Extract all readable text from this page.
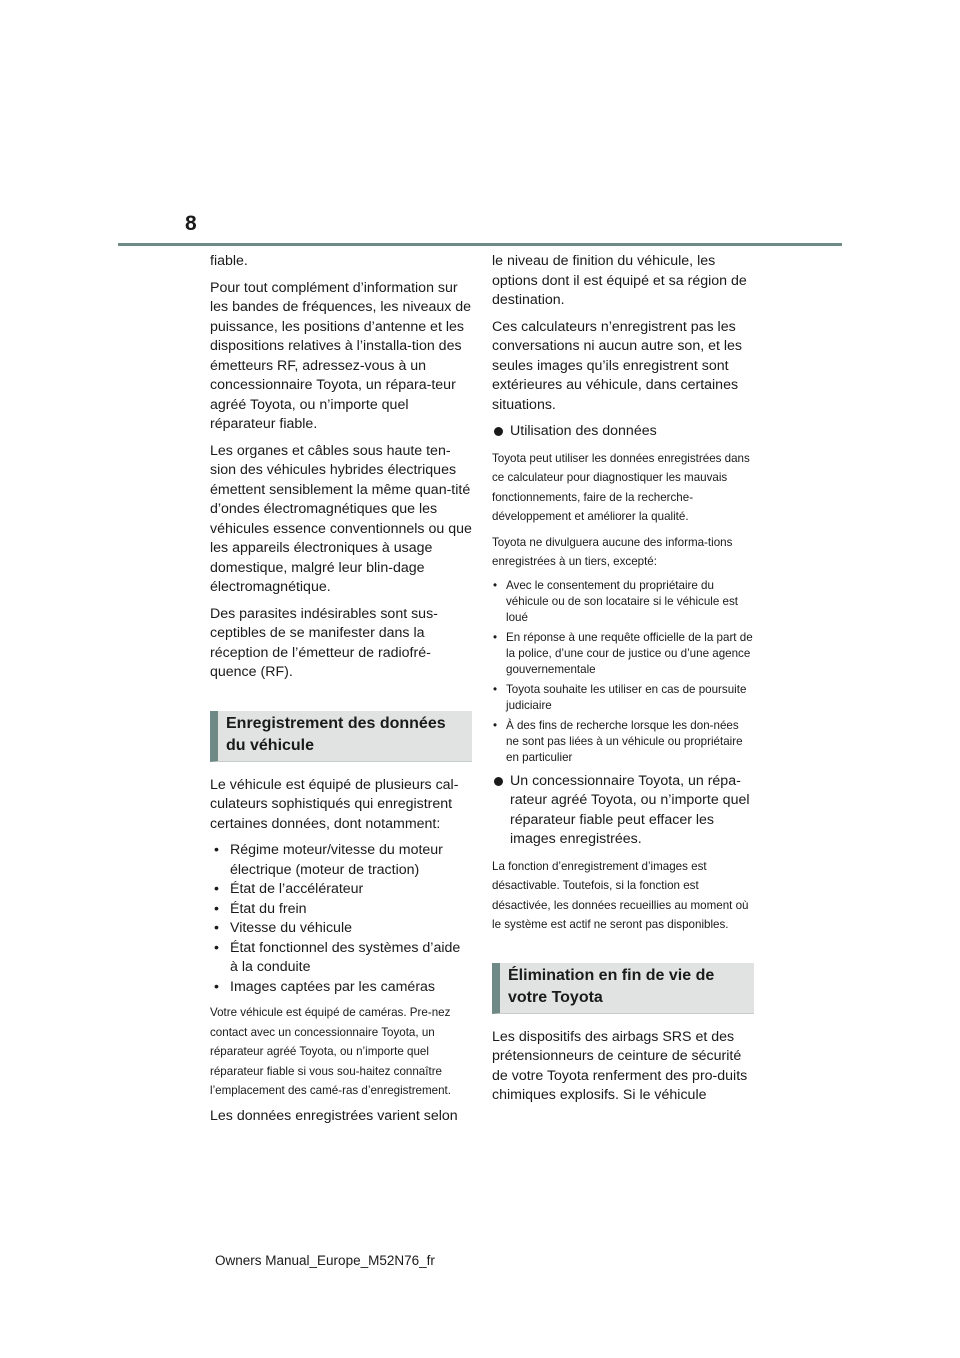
8

fiable.

Pour tout complément d’information sur les bandes de fréquences, les niveaux de puissance, les positions d’antenne et les dispositions relatives à l’installa-tion des émetteurs RF, adressez-vous à un concessionnaire Toyota, un répara-teur agréé Toyota, ou n’importe quel réparateur fiable.

Les organes et câbles sous haute ten-sion des véhicules hybrides électriques émettent sensiblement la même quan-tité d’ondes électromagnétiques que les véhicules essence conventionnels ou que les appareils électroniques à usage domestique, malgré leur blin-dage électromagnétique.

Des parasites indésirables sont sus-ceptibles de se manifester dans la réception de l’émetteur de radiofré-quence (RF).

Enregistrement des données du véhicule

Le véhicule est équipé de plusieurs cal-culateurs sophistiqués qui enregistrent certaines données, dont notamment:

• Régime moteur/vitesse du moteur électrique (moteur de traction)
• État de l’accélérateur
• État du frein
• Vitesse du véhicule
• État fonctionnel des systèmes d’aide à la conduite
• Images captées par les caméras

Votre véhicule est équipé de caméras. Pre-nez contact avec un concessionnaire Toyota, un réparateur agréé Toyota, ou n’importe quel réparateur fiable si vous sou-haitez connaître l’emplacement des camé-ras d’enregistrement.

Les données enregistrées varient selon

le niveau de finition du véhicule, les options dont il est équipé et sa région de destination.

Ces calculateurs n’enregistrent pas les conversations ni aucun autre son, et les seules images qu’ils enregistrent sont extérieures au véhicule, dans certaines situations.

Utilisation des données

Toyota peut utiliser les données enregistrées dans ce calculateur pour diagnostiquer les mauvais fonctionnements, faire de la recherche-développement et améliorer la qualité.

Toyota ne divulguera aucune des informa-tions enregistrées à un tiers, excepté:

• Avec le consentement du propriétaire du véhicule ou de son locataire si le véhicule est loué
• En réponse à une requête officielle de la part de la police, d’une cour de justice ou d’une agence gouvernementale
• Toyota souhaite les utiliser en cas de poursuite judiciaire
• À des fins de recherche lorsque les don-nées ne sont pas liées à un véhicule ou propriétaire en particulier
Un concessionnaire Toyota, un répa-rateur agréé Toyota, ou n’importe quel réparateur fiable peut effacer les images enregistrées.

La fonction d’enregistrement d’images est désactivable. Toutefois, si la fonction est désactivée, les données recueillies au moment où le système est actif ne seront pas disponibles.

Élimination en fin de vie de votre Toyota

Les dispositifs des airbags SRS et des prétensionneurs de ceinture de sécurité de votre Toyota renferment des pro-duits chimiques explosifs. Si le véhicule

Owners Manual_Europe_M52N76_fr
